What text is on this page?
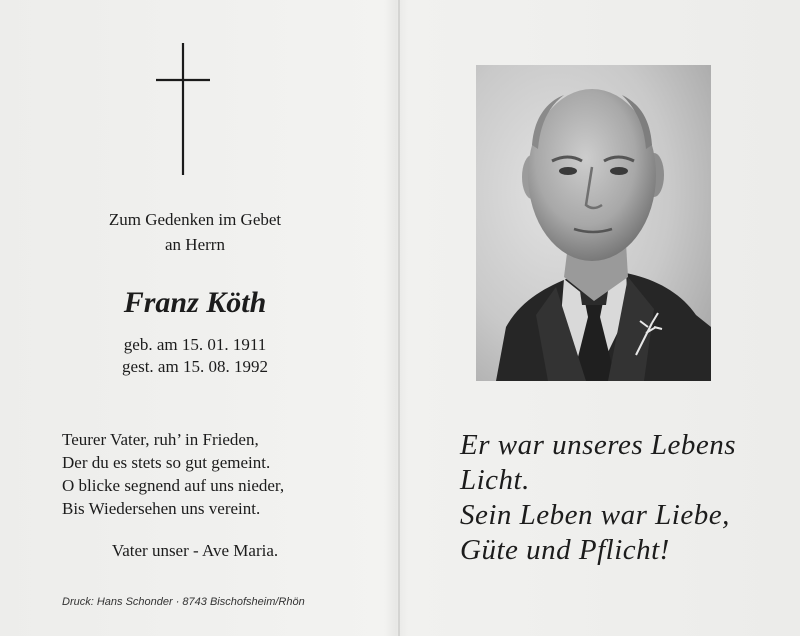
Zum Gedenken im Gebet
an Herrn
Franz Köth
geb. am 15. 01. 1911
gest. am 15. 08. 1992
Teurer Vater, ruh’ in Frieden,
Der du es stets so gut gemeint.
O blicke segnend auf uns nieder,
Bis Wiedersehen uns vereint.
Vater unser - Ave Maria.
Druck: Hans Schonder · 8743 Bischofsheim/Rhön
Er war unseres Lebens
Licht.
Sein Leben war Liebe,
Güte und Pflicht!
